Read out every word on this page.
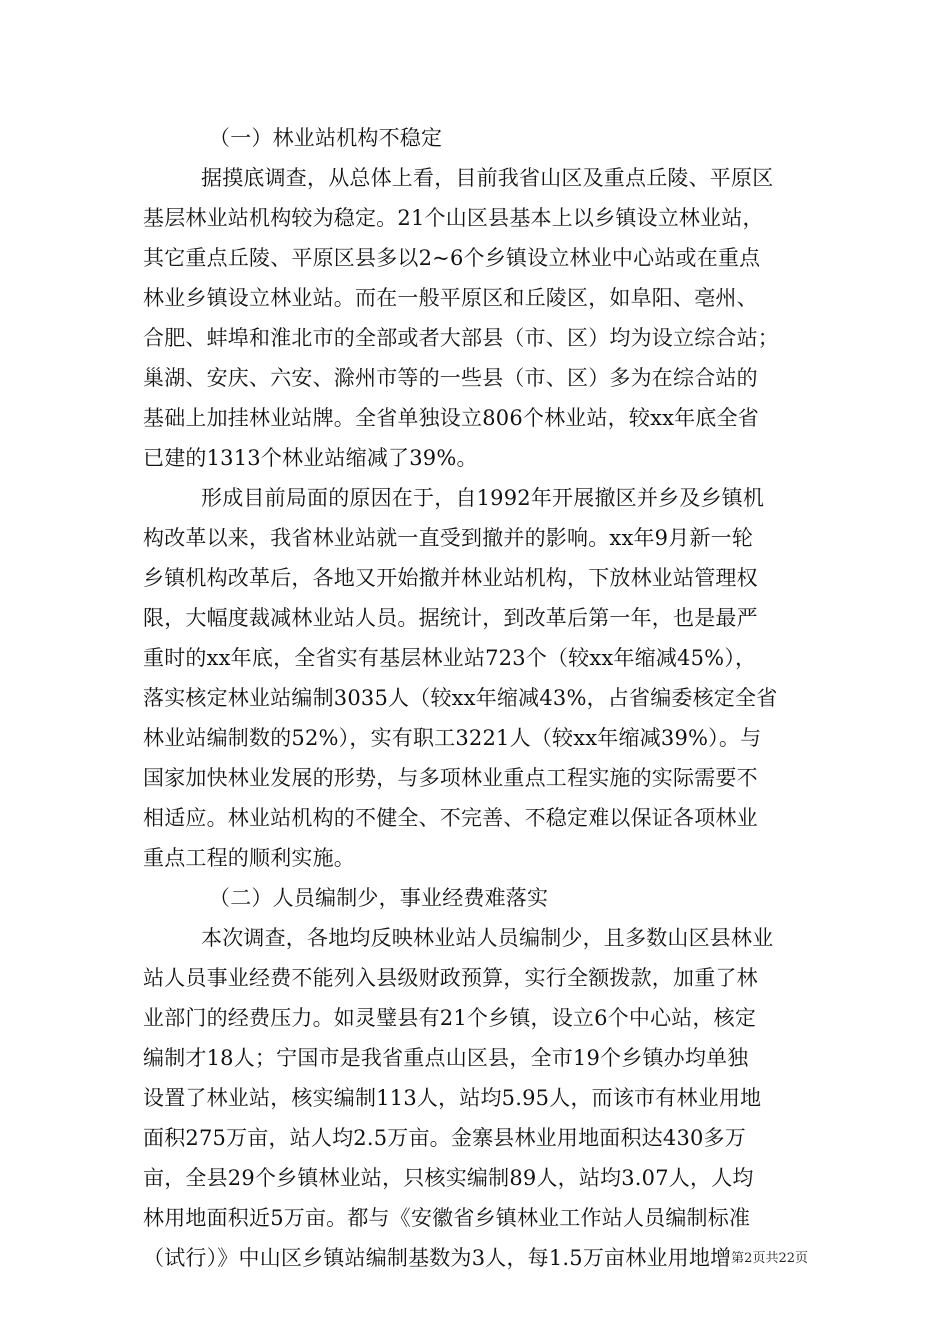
（一）林业站机构不稳定
据摸底调查，从总体上看，目前我省山区及重点丘陵、平原区
基层林业站机构较为稳定。21个山区县基本上以乡镇设立林业站，
其它重点丘陵、平原区县多以2~6个乡镇设立林业中心站或在重点
林业乡镇设立林业站。而在一般平原区和丘陵区，如阜阳、亳州、
合肥、蚌埠和淮北市的全部或者大部县（市、区）均为设立综合站；
巢湖、安庆、六安、滁州市等的一些县（市、区）多为在综合站的
基础上加挂林业站牌。全省单独设立806个林业站，较xx年底全省
已建的1313个林业站缩减了39%。
形成目前局面的原因在于，自1992年开展撤区并乡及乡镇机
构改革以来，我省林业站就一直受到撤并的影响。xx年9月新一轮
乡镇机构改革后，各地又开始撤并林业站机构，下放林业站管理权
限，大幅度裁减林业站人员。据统计，到改革后第一年，也是最严
重时的xx年底，全省实有基层林业站723个（较xx年缩减45%），
落实核定林业站编制3035人（较xx年缩减43%，占省编委核定全省
林业站编制数的52%），实有职工3221人（较xx年缩减39%）。与
国家加快林业发展的形势，与多项林业重点工程实施的实际需要不
相适应。林业站机构的不健全、不完善、不稳定难以保证各项林业
重点工程的顺利实施。
（二）人员编制少，事业经费难落实
本次调查，各地均反映林业站人员编制少，且多数山区县林业
站人员事业经费不能列入县级财政预算，实行全额拨款，加重了林
业部门的经费压力。如灵璧县有21个乡镇，设立6个中心站，核定
编制才18人；宁国市是我省重点山区县，全市19个乡镇办均单独
设置了林业站，核实编制113人，站均5.95人，而该市有林业用地
面积275万亩，站人均2.5万亩。金寨县林业用地面积达430多万
亩，全县29个乡镇林业站，只核实编制89人，站均3.07人，人均
林用地面积近5万亩。都与《安徽省乡镇林业工作站人员编制标准
（试行）》中山区乡镇站编制基数为3人，每1.5万亩林业用地增 第2页共22页
